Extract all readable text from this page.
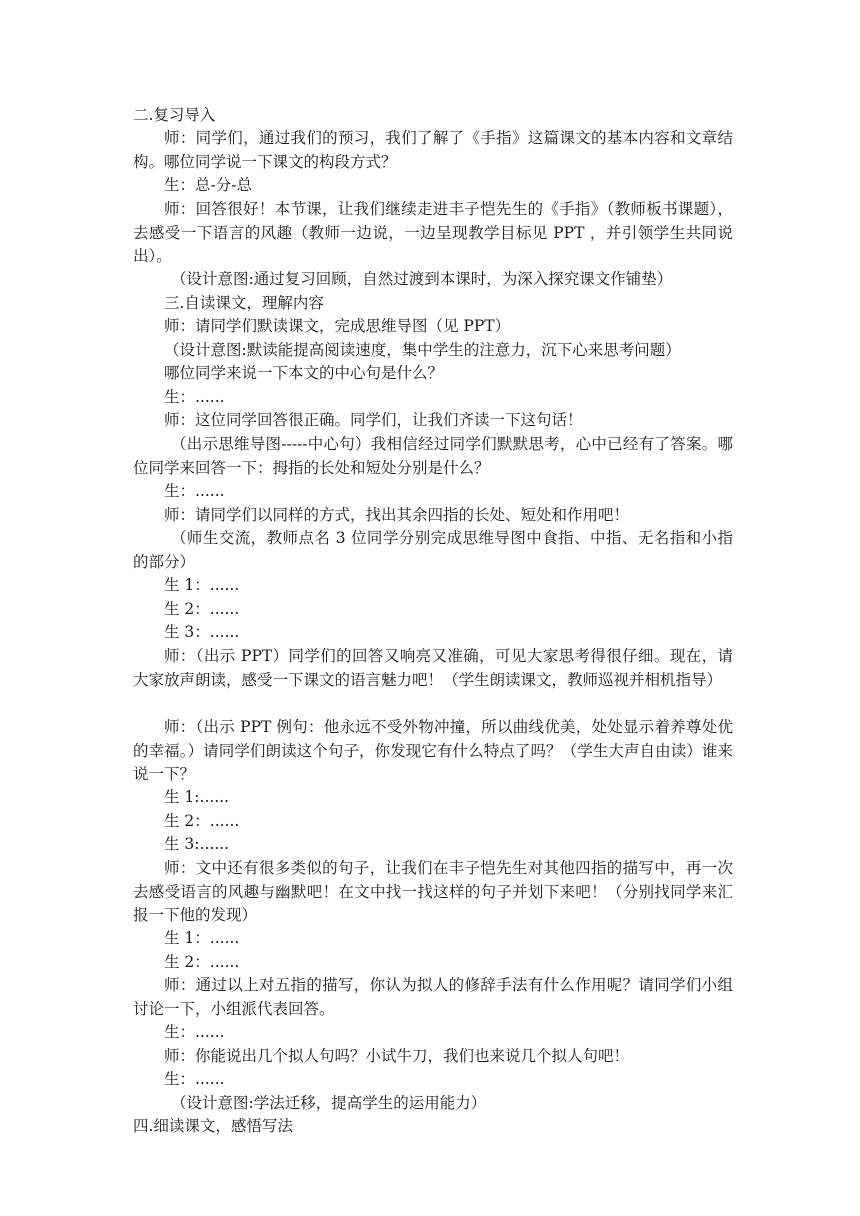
二.复习导入

师：同学们，通过我们的预习，我们了解了《手指》这篇课文的基本内容和文章结构。哪位同学说一下课文的构段方式？

生：总-分-总

师：回答很好！本节课，让我们继续走进丰子恺先生的《手指》（教师板书课题），去感受一下语言的风趣（教师一边说，一边呈现教学目标见 PPT ，并引领学生共同说出）。

（设计意图:通过复习回顾，自然过渡到本课时，为深入探究课文作铺垫）

三.自读课文，理解内容

师：请同学们默读课文，完成思维导图（见 PPT）

（设计意图:默读能提高阅读速度，集中学生的注意力，沉下心来思考问题）

哪位同学来说一下本文的中心句是什么？

生：......

师：这位同学回答很正确。同学们，让我们齐读一下这句话！

（出示思维导图-----中心句）我相信经过同学们默默思考，心中已经有了答案。哪位同学来回答一下：拇指的长处和短处分别是什么？

生：......

师：请同学们以同样的方式，找出其余四指的长处、短处和作用吧！

（师生交流，教师点名 3 位同学分别完成思维导图中食指、中指、无名指和小指的部分）

生 1：......

生 2：......

生 3：......

师：（出示 PPT）同学们的回答又响亮又准确，可见大家思考得很仔细。现在，请大家放声朗读，感受一下课文的语言魅力吧！（学生朗读课文，教师巡视并相机指导）

师：（出示 PPT 例句：他永远不受外物冲撞，所以曲线优美，处处显示着养尊处优的幸福。）请同学们朗读这个句子，你发现它有什么特点了吗？（学生大声自由读）谁来说一下？

生 1:......

生 2：......

生 3:......

师：文中还有很多类似的句子，让我们在丰子恺先生对其他四指的描写中，再一次去感受语言的风趣与幽默吧！在文中找一找这样的句子并划下来吧！（分别找同学来汇报一下他的发现）

生 1：......

生 2：......

师：通过以上对五指的描写，你认为拟人的修辞手法有什么作用呢？请同学们小组讨论一下，小组派代表回答。

生：......

师：你能说出几个拟人句吗？小试牛刀，我们也来说几个拟人句吧！

生：......

（设计意图:学法迁移，提高学生的运用能力）

四.细读课文，感悟写法
